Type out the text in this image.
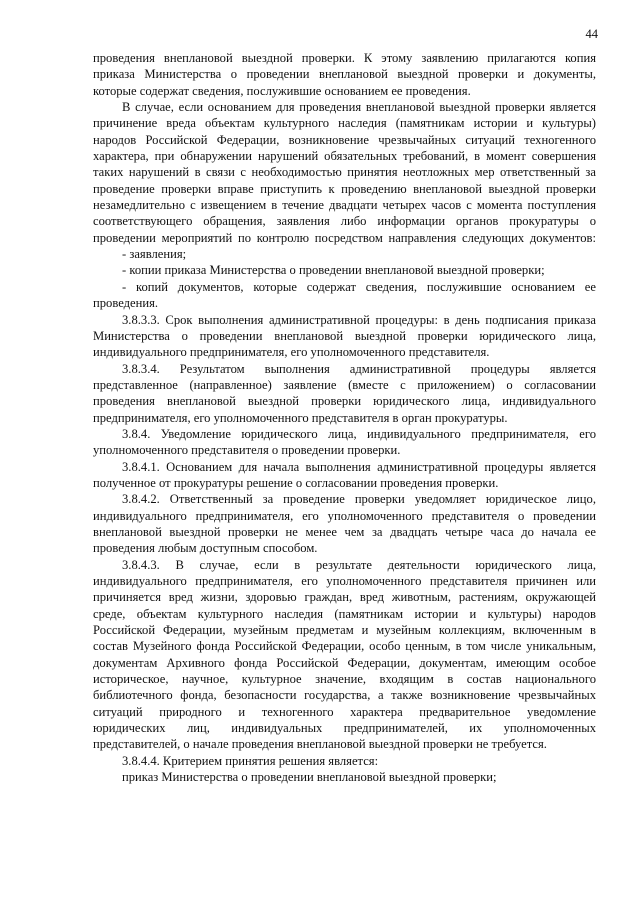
44
проведения внеплановой выездной проверки. К этому заявлению прилагаются копия
приказа Министерства о проведении внеплановой выездной проверки и документы,
которые содержат сведения, послужившие основанием ее проведения.
В случае, если основанием для проведения внеплановой выездной проверки является
причинение вреда объектам культурного наследия (памятникам истории и культуры)
народов Российской Федерации, возникновение чрезвычайных ситуаций техногенного
характера, при обнаружении нарушений обязательных требований, в момент совершения
таких нарушений в связи с необходимостью принятия неотложных мер ответственный за
проведение проверки вправе приступить к проведению внеплановой выездной проверки
незамедлительно с извещением в течение двадцати четырех часов с момента поступления
соответствующего обращения, заявления либо информации органов прокуратуры о
проведении мероприятий по контролю посредством направления следующих документов:
- заявления;
- копии приказа Министерства о проведении внеплановой выездной проверки;
- копий документов, которые содержат сведения, послужившие основанием ее
проведения.
3.8.3.3. Срок выполнения административной процедуры: в день подписания приказа
Министерства о проведении внеплановой выездной проверки юридического лица,
индивидуального предпринимателя, его уполномоченного представителя.
3.8.3.4. Результатом выполнения административной процедуры является
представленное (направленное) заявление (вместе с приложением) о согласовании
проведения внеплановой выездной проверки юридического лица, индивидуального
предпринимателя, его уполномоченного представителя в орган прокуратуры.
3.8.4. Уведомление юридического лица, индивидуального предпринимателя, его
уполномоченного представителя о проведении проверки.
3.8.4.1. Основанием для начала выполнения административной процедуры является
полученное от прокуратуры решение о согласовании проведения проверки.
3.8.4.2. Ответственный за проведение проверки уведомляет юридическое лицо,
индивидуального предпринимателя, его уполномоченного представителя о проведении
внеплановой выездной проверки не менее чем за двадцать четыре часа до начала ее
проведения любым доступным способом.
3.8.4.3. В случае, если в результате деятельности юридического лица,
индивидуального предпринимателя, его уполномоченного представителя причинен или
причиняется вред жизни, здоровью граждан, вред животным, растениям, окружающей
среде, объектам культурного наследия (памятникам истории и культуры) народов
Российской Федерации, музейным предметам и музейным коллекциям, включенным в
состав Музейного фонда Российской Федерации, особо ценным, в том числе уникальным,
документам Архивного фонда Российской Федерации, документам, имеющим особое
историческое, научное, культурное значение, входящим в состав национального
библиотечного фонда, безопасности государства, а также возникновение чрезвычайных
ситуаций природного и техногенного характера предварительное уведомление
юридических лиц, индивидуальных предпринимателей, их уполномоченных
представителей, о начале проведения внеплановой выездной проверки не требуется.
3.8.4.4. Критерием принятия решения является:
приказ Министерства о проведении внеплановой выездной проверки;
